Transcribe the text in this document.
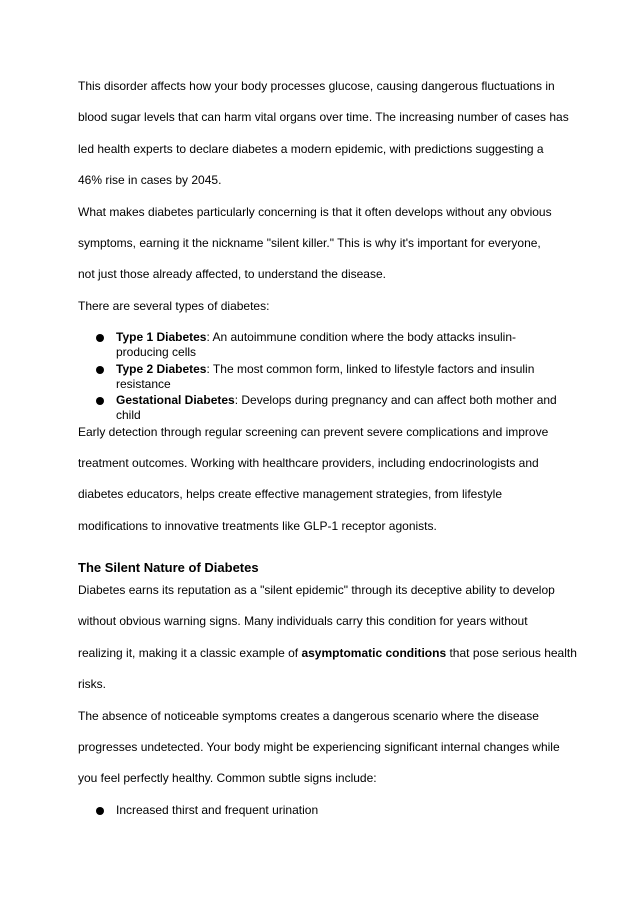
This disorder affects how your body processes glucose, causing dangerous fluctuations in
blood sugar levels that can harm vital organs over time. The increasing number of cases has
led health experts to declare diabetes a modern epidemic, with predictions suggesting a
46% rise in cases by 2045.
What makes diabetes particularly concerning is that it often develops without any obvious
symptoms, earning it the nickname "silent killer." This is why it's important for everyone,
not just those already affected, to understand the disease.
There are several types of diabetes:
Type 1 Diabetes: An autoimmune condition where the body attacks insulin-
producing cells
Type 2 Diabetes: The most common form, linked to lifestyle factors and insulin
resistance
Gestational Diabetes: Develops during pregnancy and can affect both mother and
child
Early detection through regular screening can prevent severe complications and improve
treatment outcomes. Working with healthcare providers, including endocrinologists and
diabetes educators, helps create effective management strategies, from lifestyle
modifications to innovative treatments like GLP-1 receptor agonists.
The Silent Nature of Diabetes
Diabetes earns its reputation as a "silent epidemic" through its deceptive ability to develop
without obvious warning signs. Many individuals carry this condition for years without
realizing it, making it a classic example of asymptomatic conditions that pose serious health
risks.
The absence of noticeable symptoms creates a dangerous scenario where the disease
progresses undetected. Your body might be experiencing significant internal changes while
you feel perfectly healthy. Common subtle signs include:
Increased thirst and frequent urination
